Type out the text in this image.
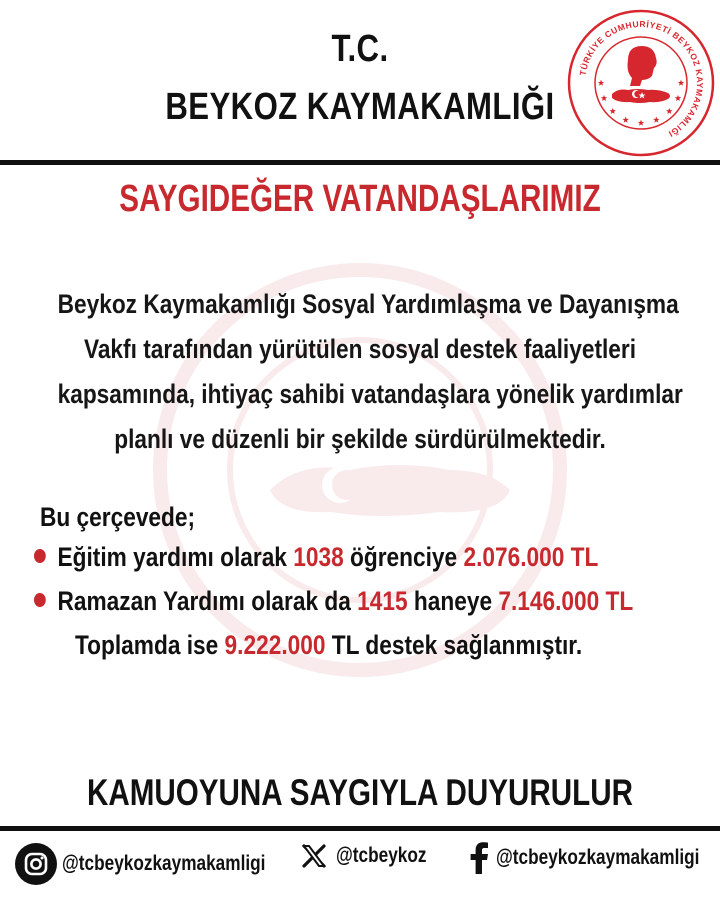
T.C.
BEYKOZ KAYMAKAMLIĞI
TÜRKİYE CUMHURİYETİ BEYKOZ KAYMAKAMLIĞI
SAYGIDEĞER VATANDAŞLARIMIZ
Beykoz Kaymakamlığı Sosyal Yardımlaşma ve Dayanışma
Vakfı tarafından yürütülen sosyal destek faaliyetleri
kapsamında, ihtiyaç sahibi vatandaşlara yönelik yardımlar
planlı ve düzenli bir şekilde sürdürülmektedir.
Bu çerçevede;
Eğitim yardımı olarak 1038 öğrenciye 2.076.000 TL
Ramazan Yardımı olarak da 1415 haneye 7.146.000 TL
Toplamda ise 9.222.000 TL destek sağlanmıştır.
KAMUOYUNA SAYGIYLA DUYURULUR
@tcbeykozkaymakamligi	@tcbeykoz	@tcbeykozkaymakamligi
